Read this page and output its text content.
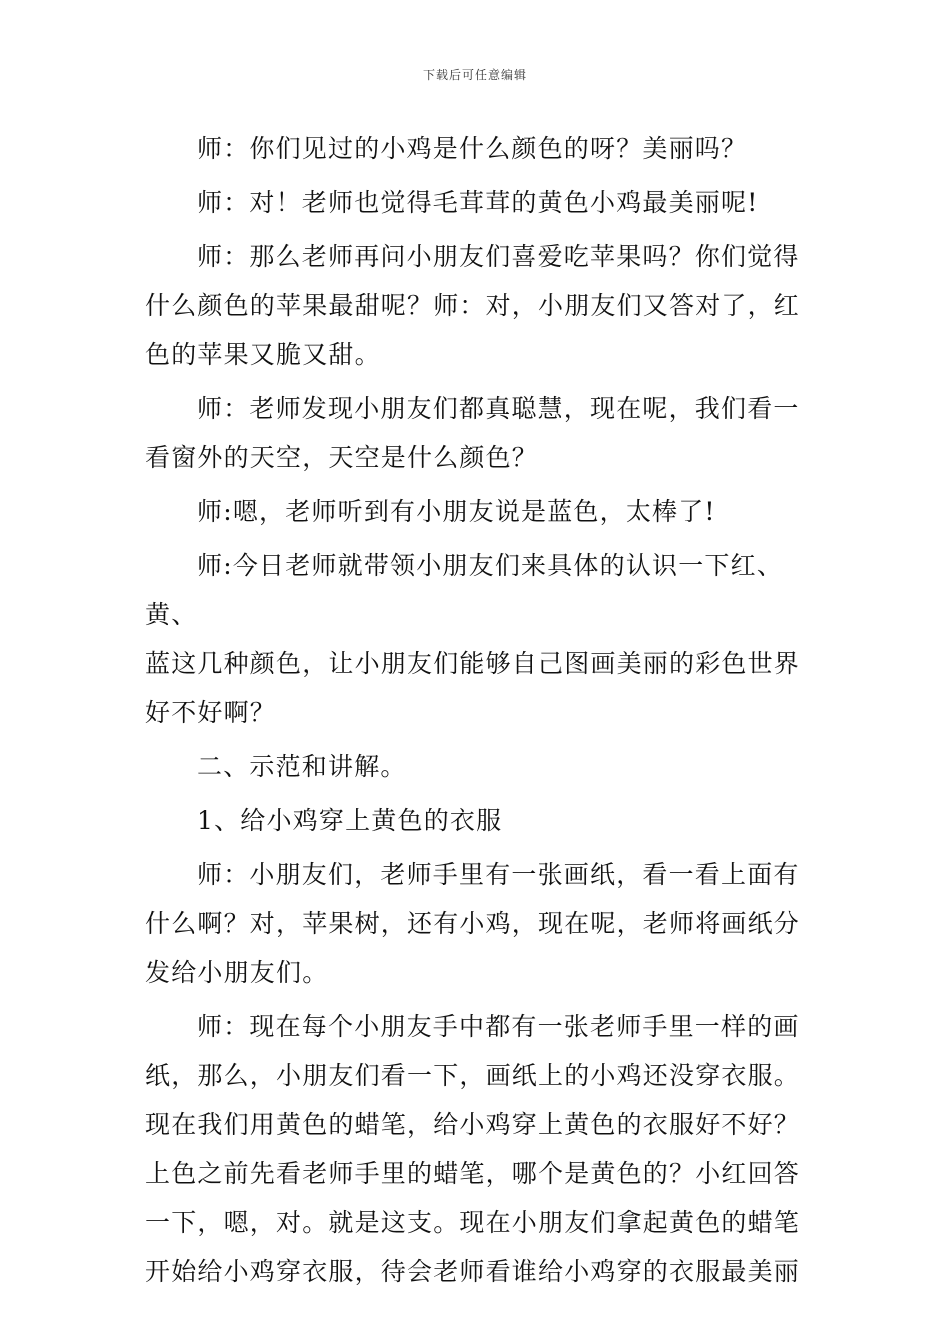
下载后可任意编辑

师：你们见过的小鸡是什么颜色的呀？美丽吗？

师：对！老师也觉得毛茸茸的黄色小鸡最美丽呢!

师：那么老师再问小朋友们喜爱吃苹果吗？你们觉得
什么颜色的苹果最甜呢？师：对，小朋友们又答对了，红
色的苹果又脆又甜。

师：老师发现小朋友们都真聪慧，现在呢，我们看一
看窗外的天空，天空是什么颜色？

师:嗯，老师听到有小朋友说是蓝色，太棒了!

师:今日老师就带领小朋友们来具体的认识一下红、黄、
蓝这几种颜色，让小朋友们能够自己图画美丽的彩色世界
好不好啊？

二、示范和讲解。

1、给小鸡穿上黄色的衣服

师：小朋友们，老师手里有一张画纸，看一看上面有
什么啊？对，苹果树，还有小鸡，现在呢，老师将画纸分
发给小朋友们。

师：现在每个小朋友手中都有一张老师手里一样的画
纸，那么，小朋友们看一下，画纸上的小鸡还没穿衣服。
现在我们用黄色的蜡笔，给小鸡穿上黄色的衣服好不好？
上色之前先看老师手里的蜡笔，哪个是黄色的？小红回答
一下，嗯，对。就是这支。现在小朋友们拿起黄色的蜡笔
开始给小鸡穿衣服，待会老师看谁给小鸡穿的衣服最美丽
